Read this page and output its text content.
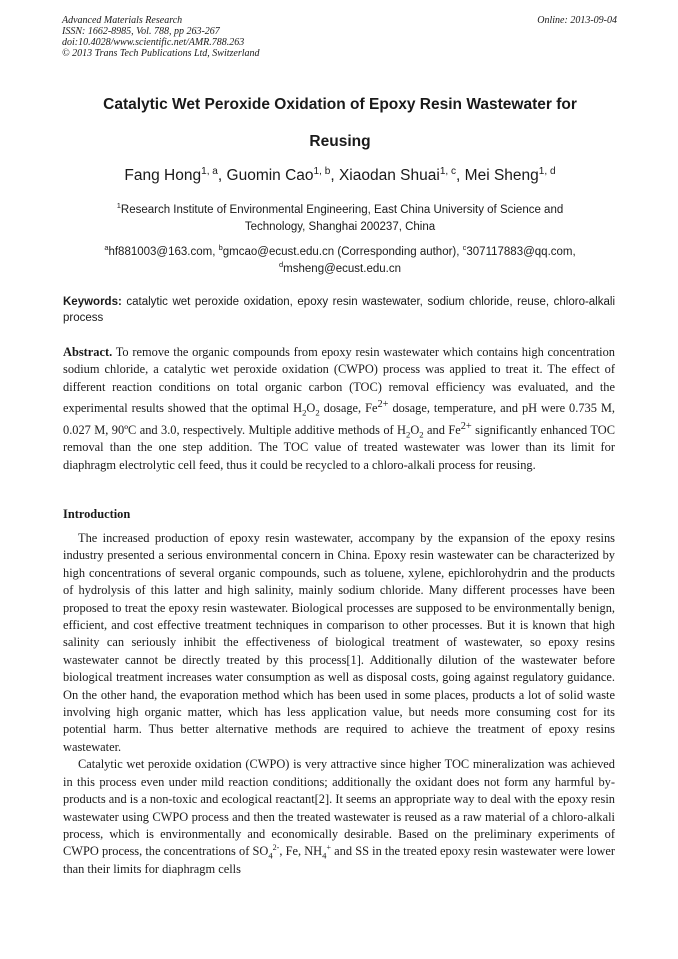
Advanced Materials Research
ISSN: 1662-8985, Vol. 788, pp 263-267
doi:10.4028/www.scientific.net/AMR.788.263
© 2013 Trans Tech Publications Ltd, Switzerland
Online: 2013-09-04
Catalytic Wet Peroxide Oxidation of Epoxy Resin Wastewater for
Reusing
Fang Hong$^{1, a}$, Guomin Cao$^{1, b}$, Xiaodan Shuai$^{1, c}$, Mei Sheng$^{1, d}$
$^1$Research Institute of Environmental Engineering, East China University of Science and
Technology, Shanghai 200237, China
$^a$hf881003@163.com, $^b$gmcao@ecust.edu.cn (Corresponding author), $^c$307117883@qq.com,
$^d$msheng@ecust.edu.cn
Keywords: catalytic wet peroxide oxidation, epoxy resin wastewater, sodium chloride, reuse, chloro-alkali process
Abstract. To remove the organic compounds from epoxy resin wastewater which contains high concentration sodium chloride, a catalytic wet peroxide oxidation (CWPO) process was applied to treat it. The effect of different reaction conditions on total organic carbon (TOC) removal efficiency was evaluated, and the experimental results showed that the optimal $H_2O_2$ dosage, $Fe^{2+}$ dosage, temperature, and pH were 0.735 M, 0.027 M, 90ºC and 3.0, respectively. Multiple additive methods of $H_2O_2$ and $Fe^{2+}$ significantly enhanced TOC removal than the one step addition. The TOC value of treated wastewater was lower than its limit for diaphragm electrolytic cell feed, thus it could be recycled to a chloro-alkali process for reusing.
Introduction

The increased production of epoxy resin wastewater, accompany by the expansion of the epoxy resins industry presented a serious environmental concern in China. Epoxy resin wastewater can be characterized by high concentrations of several organic compounds, such as toluene, xylene, epichlorohydrin and the products of hydrolysis of this latter and high salinity, mainly sodium chloride. Many different processes have been proposed to treat the epoxy resin wastewater. Biological processes are supposed to be environmentally benign, efficient, and cost effective treatment techniques in comparison to other processes. But it is known that high salinity can seriously inhibit the effectiveness of biological treatment of wastewater, so epoxy resins wastewater cannot be directly treated by this process[1]. Additionally dilution of the wastewater before biological treatment increases water consumption as well as disposal costs, going against regulatory guidance. On the other hand, the evaporation method which has been used in some places, products a lot of solid waste involving high organic matter, which has less application value, but needs more consuming cost for its potential harm. Thus better alternative methods are required to achieve the treatment of epoxy resins wastewater.

Catalytic wet peroxide oxidation (CWPO) is very attractive since higher TOC mineralization was achieved in this process even under mild reaction conditions; additionally the oxidant does not form any harmful by-products and is a non-toxic and ecological reactant[2]. It seems an appropriate way to deal with the epoxy resin wastewater using CWPO process and then the treated wastewater is reused as a raw material of a chloro-alkali process, which is environmentally and economically desirable. Based on the preliminary experiments of CWPO process, the concentrations of $SO_4^{2-}$, Fe, $NH_4^+$ and SS in the treated epoxy resin wastewater were lower than their limits for diaphragm cells
